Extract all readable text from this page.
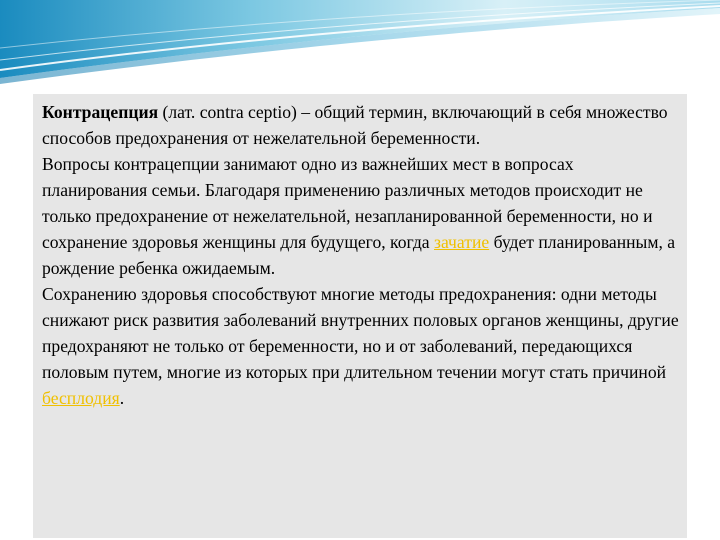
Контрацепция (лат. contra ceptio) – общий термин, включающий в себя множество способов предохранения от нежелательной беременности.

Вопросы контрацепции занимают одно из важнейших мест в вопросах планирования семьи. Благодаря применению различных методов происходит не только предохранение от нежелательной, незапланированной беременности, но и сохранение здоровья женщины для будущего, когда зачатие будет планированным, а рождение ребенка ожидаемым.

Сохранению здоровья способствуют многие методы предохранения: одни методы снижают риск развития заболеваний внутренних половых органов женщины, другие предохраняют не только от беременности, но и от заболеваний, передающихся половым путем, многие из которых при длительном течении могут стать причиной бесплодия.
